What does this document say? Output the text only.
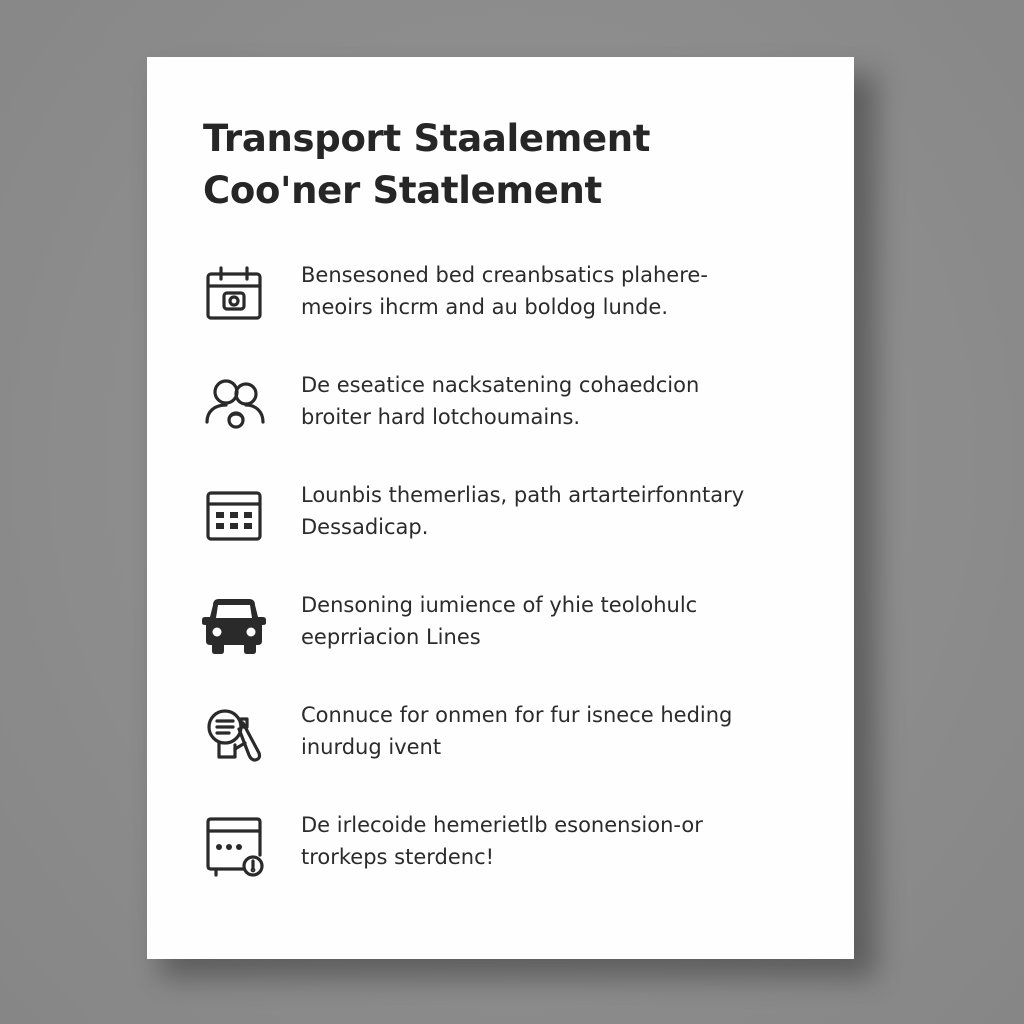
Transport Staalement
Coo'ner Statlement
Bensesoned bed creanbsatics plahere-
meoirs ihcrm and au boldog lunde.
De eseatice nacksatening cohaedcion
broiter hard lotchoumains.
Lounbis themerlias, path artarteirfonntary
Dessadicap.
Densoning iumience of yhie teolohulc
eeprriacion Lines
Connuce for onmen for fur isnece heding
inurdug ivent
De irlecoide hemerietlb esonension-or
trorkeps sterdenc!
